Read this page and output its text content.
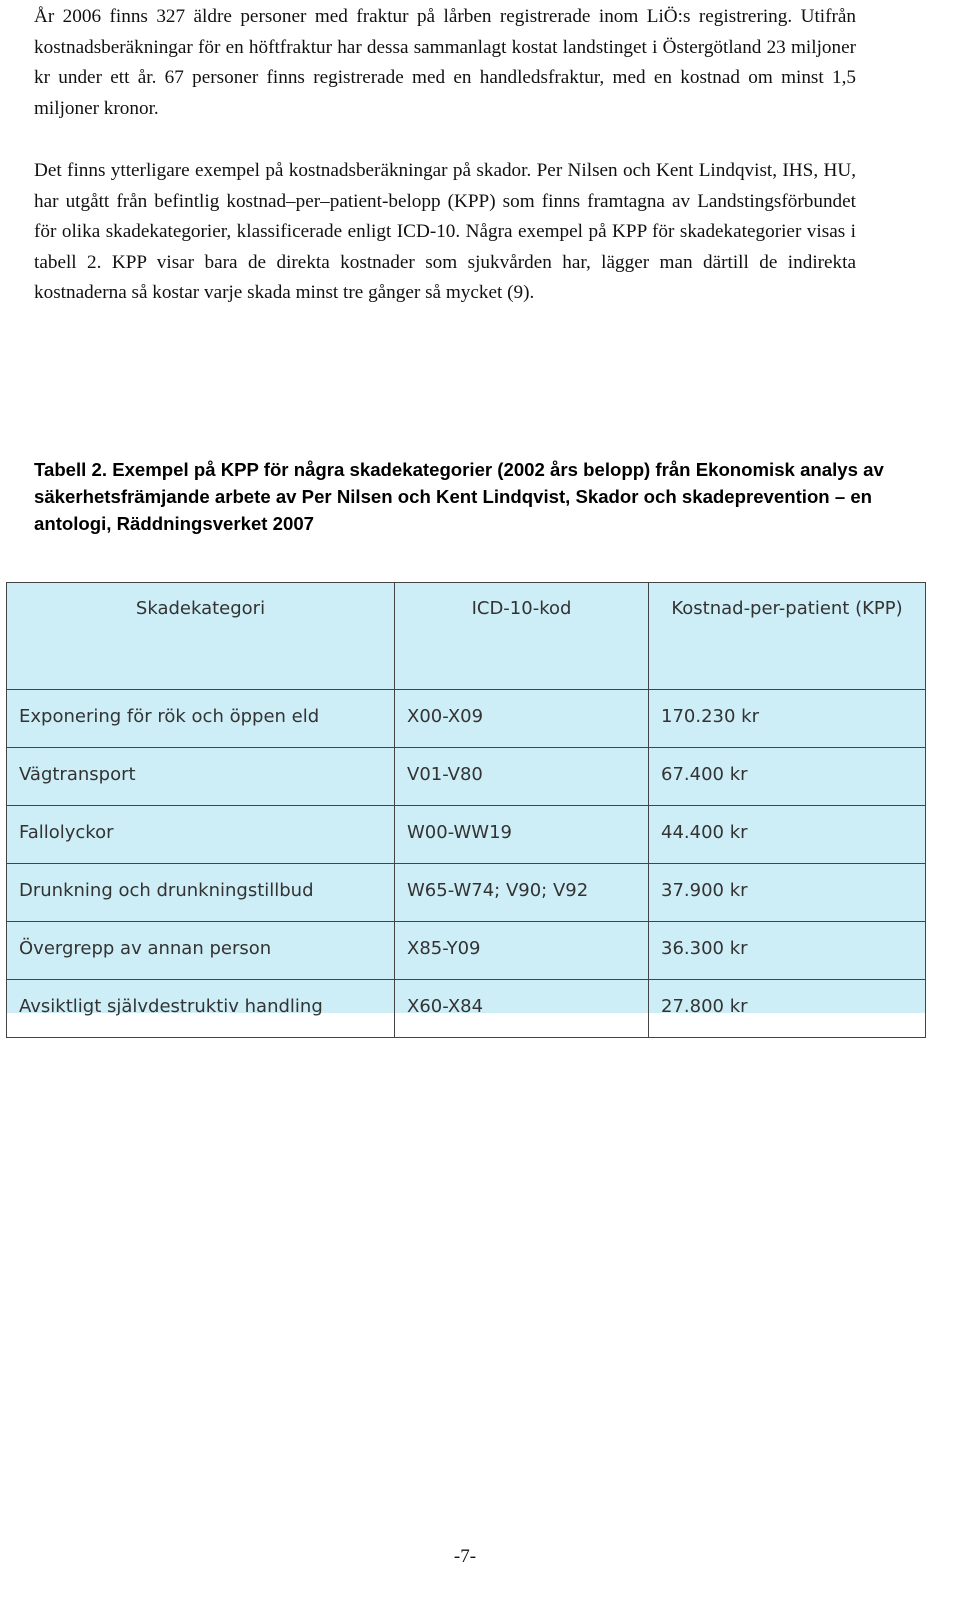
År 2006 finns 327 äldre personer med fraktur på lårben registrerade inom LiÖ:s registrering. Utifrån kostnadsberäkningar för en höftfraktur har dessa sammanlagt kostat landstinget i Östergötland 23 miljoner kr under ett år. 67 personer finns registrerade med en handledsfraktur, med en kostnad om minst 1,5 miljoner kronor.

Det finns ytterligare exempel på kostnadsberäkningar på skador. Per Nilsen och Kent Lindqvist, IHS, HU, har utgått från befintlig kostnad–per–patient-belopp (KPP) som finns framtagna av Landstingsförbundet för olika skadekategorier, klassificerade enligt ICD-10. Några exempel på KPP för skadekategorier visas i tabell 2. KPP visar bara de direkta kostnader som sjukvården har, lägger man därtill de indirekta kostnaderna så kostar varje skada minst tre gånger så mycket (9).

Tabell 2. Exempel på KPP för några skadekategorier (2002 års belopp) från Ekonomisk analys av säkerhetsfrämjande arbete av Per Nilsen och Kent Lindqvist, Skador och skadeprevention – en antologi, Räddningsverket 2007

Skadekategori	ICD-10-kod	Kostnad-per-patient (KPP)
Exponering för rök och öppen eld	X00-X09	170.230 kr
Vägtransport	V01-V80	67.400 kr
Fallolyckor	W00-WW19	44.400 kr
Drunkning och drunkningstillbud	W65-W74; V90; V92	37.900 kr
Övergrepp av annan person	X85-Y09	36.300 kr
Avsiktligt självdestruktiv handling	X60-X84	27.800 kr
-7-
